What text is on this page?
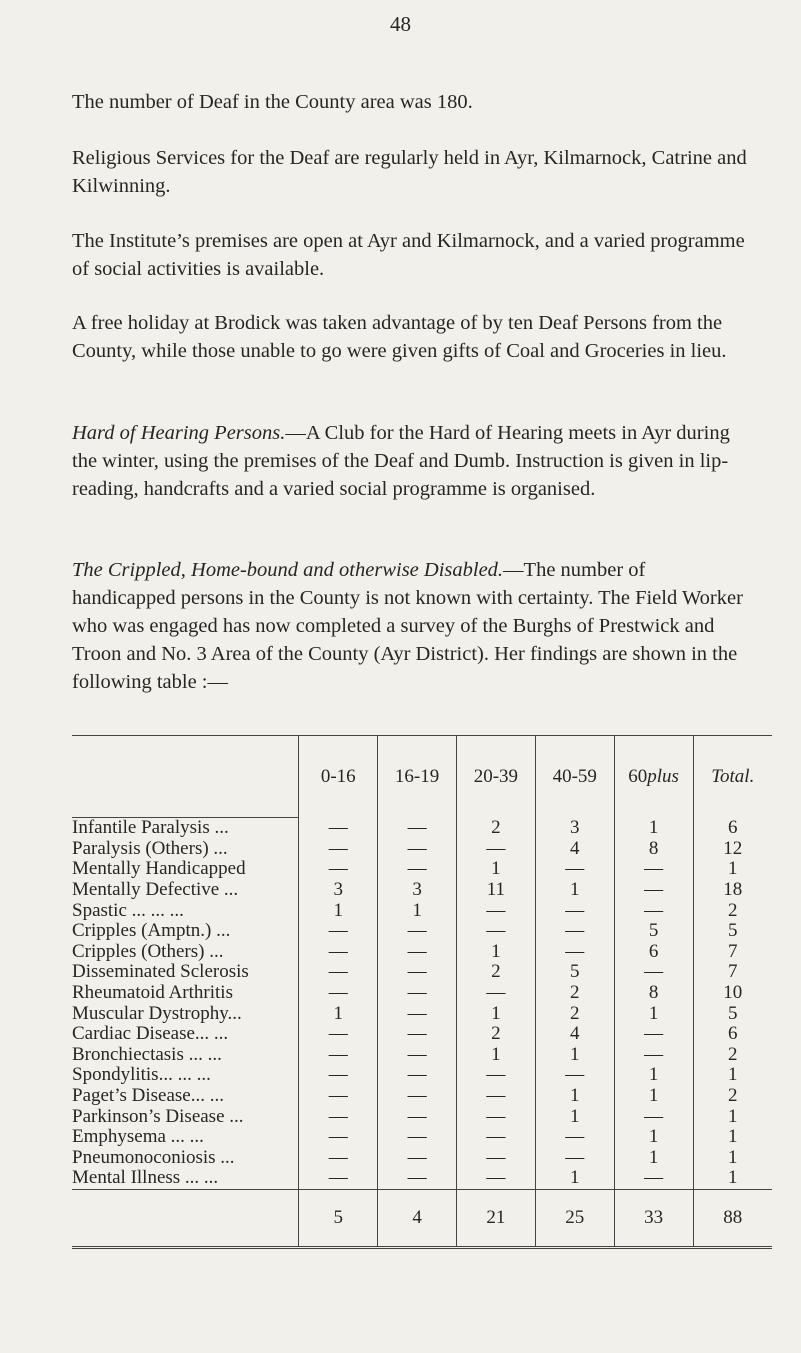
48

The number of Deaf in the County area was 180.

Religious Services for the Deaf are regularly held in Ayr, Kilmarnock, Catrine and Kilwinning.

The Institute’s premises are open at Ayr and Kilmarnock, and a varied programme of social activities is available.

A free holiday at Brodick was taken advantage of by ten Deaf Persons from the County, while those unable to go were given gifts of Coal and Groceries in lieu.

Hard of Hearing Persons.—A Club for the Hard of Hearing meets in Ayr during the winter, using the premises of the Deaf and Dumb. Instruction is given in lip-reading, handcrafts and a varied social programme is organised.

The Crippled, Home-bound and otherwise Disabled.—The number of handicapped persons in the County is not known with certainty. The Field Worker who was engaged has now completed a survey of the Burghs of Prestwick and Troon and No. 3 Area of the County (Ayr District). Her findings are shown in the following table :—

	0-16	16-19	20-39	40-59	60plus	Total.
Infantile Paralysis ...	—	—	2	3	1	6
Paralysis (Others) ...	—	—	—	4	8	12
Mentally Handicapped	—	—	1	—	—	1
Mentally Defective ...	3	3	11	1	—	18
Spastic ... ... ...	1	1	—	—	—	2
Cripples (Amptn.) ...	—	—	—	—	5	5
Cripples (Others) ...	—	—	1	—	6	7
Disseminated Sclerosis	—	—	2	5	—	7
Rheumatoid Arthritis	—	—	—	2	8	10
Muscular Dystrophy...	1	—	1	2	1	5
Cardiac Disease... ...	—	—	2	4	—	6
Bronchiectasis ... ...	—	—	1	1	—	2
Spondylitis... ... ...	—	—	—	—	1	1
Paget’s Disease... ...	—	—	—	1	1	2
Parkinson’s Disease ...	—	—	—	1	—	1
Emphysema ... ...	—	—	—	—	1	1
Pneumonoconiosis ...	—	—	—	—	1	1
Mental Illness ... ...	—	—	—	1	—	1
	5	4	21	25	33	88
